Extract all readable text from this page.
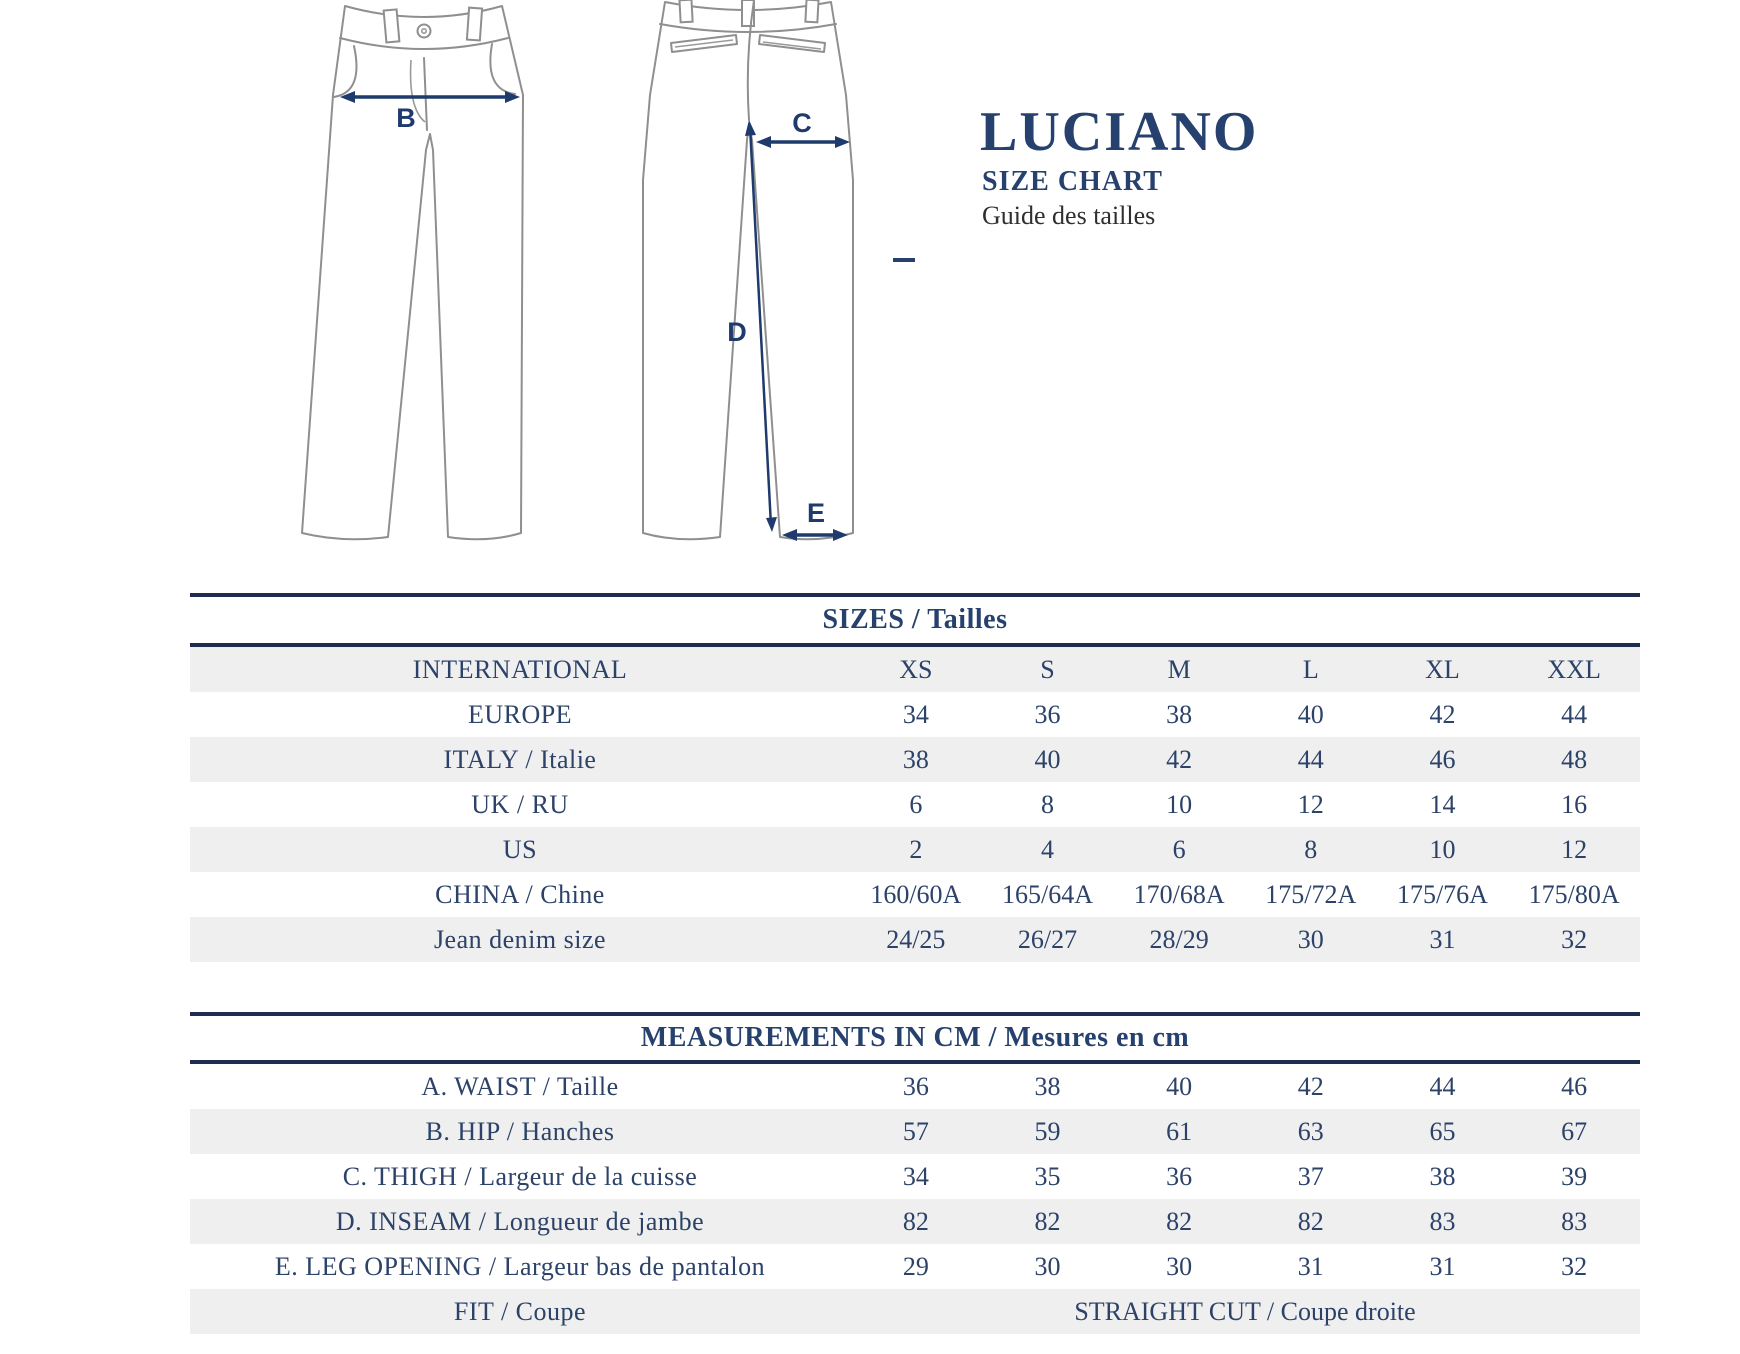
B	C
D
E
LUCIANO
SIZE CHART
Guide des tailles
SIZES / Tailles
INTERNATIONAL	XS	S	M	L	XL	XXL
EUROPE	34	36	38	40	42	44
ITALY / Italie	38	40	42	44	46	48
UK / RU	6	8	10	12	14	16
US	2	4	6	8	10	12
CHINA / Chine	160/60A	165/64A	170/68A	175/72A	175/76A	175/80A
Jean denim size	24/25	26/27	28/29	30	31	32
MEASUREMENTS IN CM / Mesures en cm
A. WAIST / Taille	36	38	40	42	44	46
B. HIP / Hanches	57	59	61	63	65	67
C. THIGH / Largeur de la cuisse	34	35	36	37	38	39
D. INSEAM / Longueur de jambe	82	82	82	82	83	83
E. LEG OPENING / Largeur bas de pantalon	29	30	30	31	31	32
FIT / Coupe	STRAIGHT CUT / Coupe droite
